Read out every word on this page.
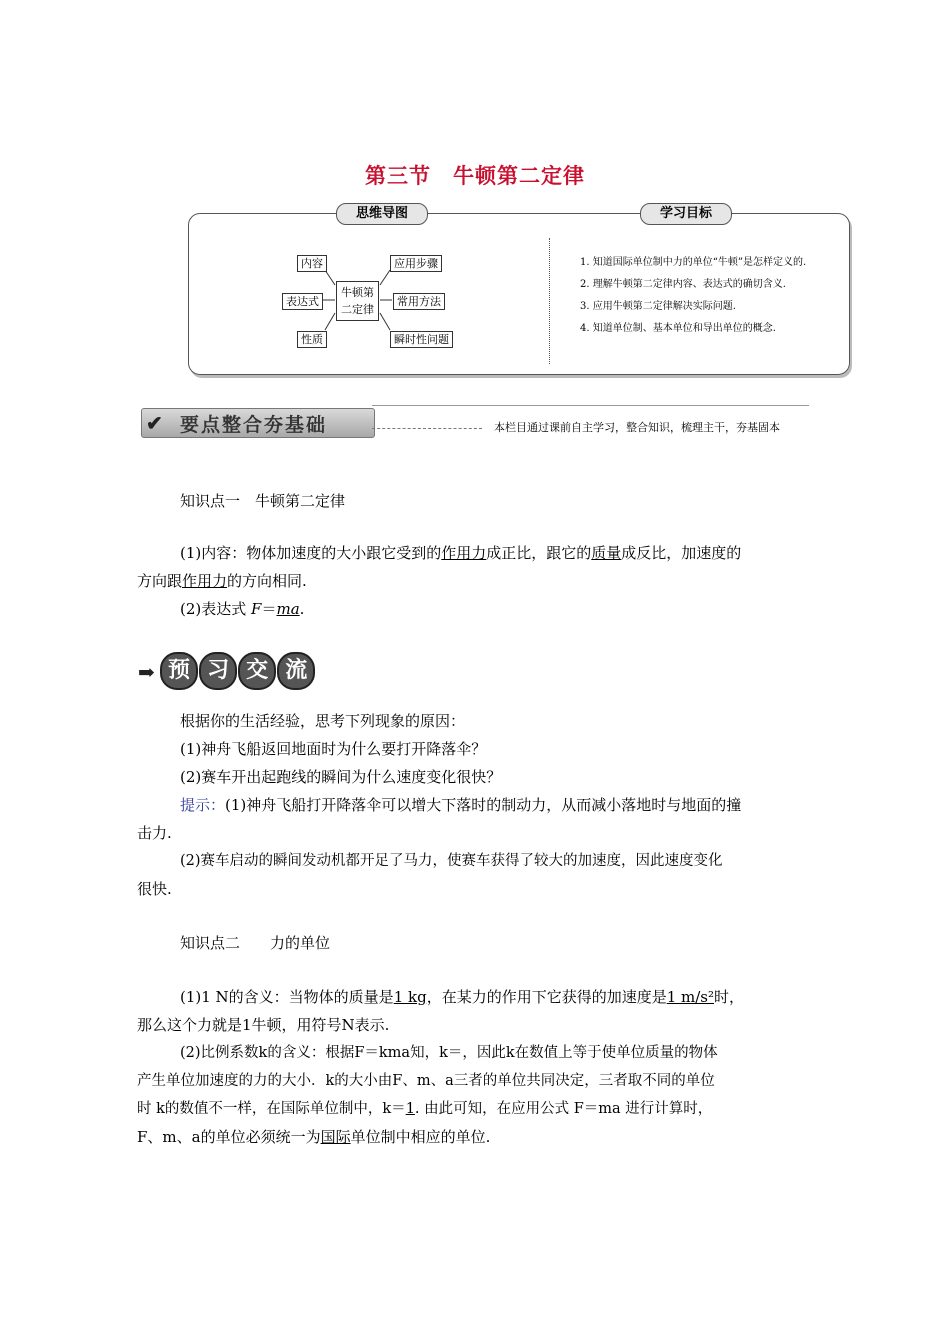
第三节　牛顿第二定律
思维导图	学习目标
牛顿第
二定律
内容
表达式
性质
应用步骤
常用方法
瞬时性问题
1. 知道国际单位制中力的单位“牛顿”是怎样定义的.
2. 理解牛顿第二定律内容、表达式的确切含义.
3. 应用牛顿第二定律解决实际问题.
4. 知道单位制、基本单位和导出单位的概念.
✔ 要点整合夯基础	本栏目通过课前自主学习，整合知识，梳理主干，夯基固本
知识点一　牛顿第二定律
(1)内容：物体加速度的大小跟它受到的作用力成正比，跟它的质量成反比，加速度的
方向跟作用力的方向相同.
(2)表达式 F＝ma.
➡ 预 习 交 流
根据你的生活经验，思考下列现象的原因：
(1)神舟飞船返回地面时为什么要打开降落伞？
(2)赛车开出起跑线的瞬间为什么速度变化很快？
提示：(1)神舟飞船打开降落伞可以增大下落时的制动力，从而减小落地时与地面的撞
击力.
(2)赛车启动的瞬间发动机都开足了马力，使赛车获得了较大的加速度，因此速度变化
很快.
知识点二　　力的单位
(1)1 N的含义：当物体的质量是1 kg，在某力的作用下它获得的加速度是1 m/s²时，
那么这个力就是1牛顿，用符号N表示.
(2)比例系数k的含义：根据F＝kma知，k＝，因此k在数值上等于使单位质量的物体
产生单位加速度的力的大小．k的大小由F、m、a三者的单位共同决定，三者取不同的单位
时 k的数值不一样，在国际单位制中，k＝1. 由此可知，在应用公式 F＝ma 进行计算时，
F、m、a的单位必须统一为国际单位制中相应的单位.
